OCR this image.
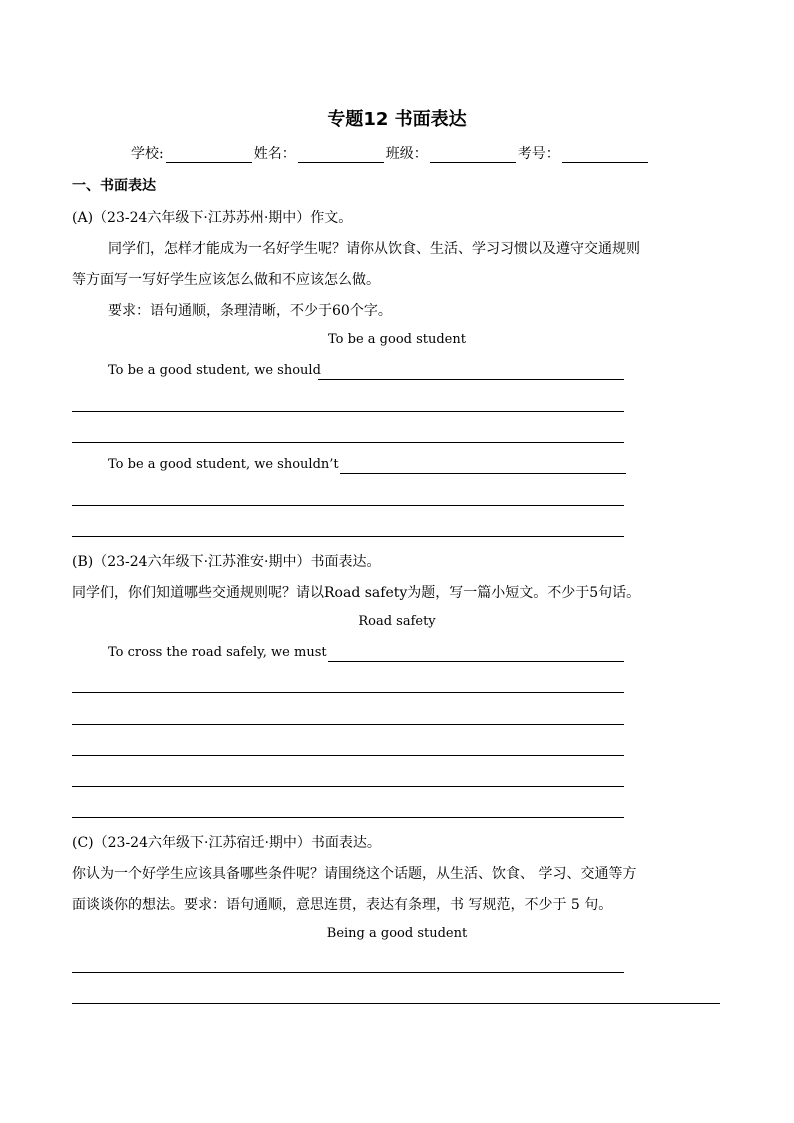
专题12 书面表达
学校:	姓名：	班级：	考号：
一、书面表达
(A)（23-24六年级下·江苏苏州·期中）作文。
同学们，怎样才能成为一名好学生呢？请你从饮食、生活、学习习惯以及遵守交通规则
等方面写一写好学生应该怎么做和不应该怎么做。
要求：语句通顺，条理清晰，不少于60个字。
To be a good student
To be a good student, we should
To be a good student, we shouldn’t
(B)（23-24六年级下·江苏淮安·期中）书面表达。
同学们，你们知道哪些交通规则呢？请以Road safety为题，写一篇小短文。不少于5句话。
Road safety
To cross the road safely, we must
(C)（23-24六年级下·江苏宿迁·期中）书面表达。
你认为一个好学生应该具备哪些条件呢？请围绕这个话题，从生活、饮食、 学习、交通等方
面谈谈你的想法。要求：语句通顺，意思连贯，表达有条理，书 写规范，不少于 5 句。
Being a good student
